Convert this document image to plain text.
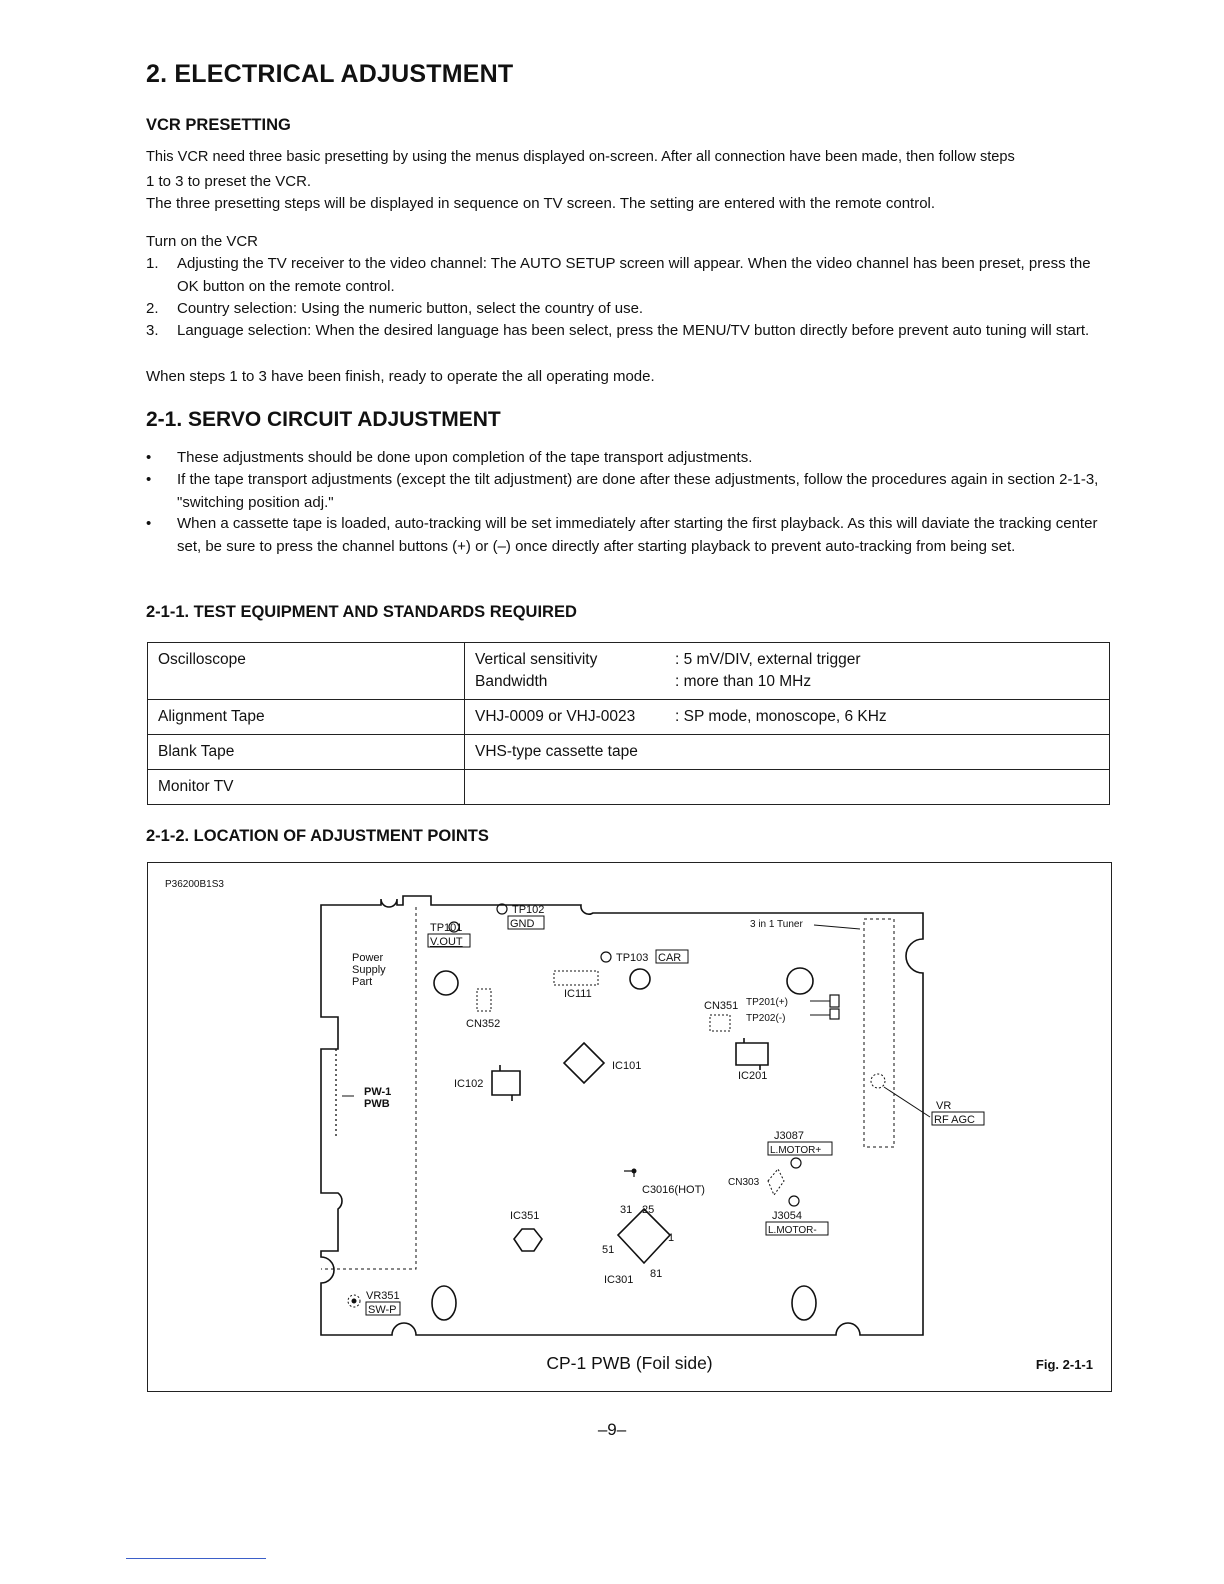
2. ELECTRICAL ADJUSTMENT
VCR PRESETTING

This VCR need three basic presetting by using the menus displayed on-screen. After all connection have been made, then follow steps

1 to 3 to preset the VCR.

The three presetting steps will be displayed in sequence on TV screen. The setting are entered with the remote control.

Turn on the VCR

1. Adjusting the TV receiver to the video channel: The AUTO SETUP screen will appear. When the video channel has been preset, press the OK button on the remote control.
2. Country selection: Using the numeric button, select the country of use.
3. Language selection: When the desired language has been select, press the MENU/TV button directly before prevent auto tuning will start.

When steps 1 to 3 have been finish, ready to operate the all operating mode.

2-1. SERVO CIRCUIT ADJUSTMENT
• These adjustments should be done upon completion of the tape transport adjustments.
• If the tape transport adjustments (except the tilt adjustment) are done after these adjustments, follow the procedures again in section 2-1-3, "switching position adj."
• When a cassette tape is loaded, auto-tracking will be set immediately after starting the first playback. As this will daviate the tracking center set, be sure to press the channel buttons (+) or (–) once directly after starting playback to prevent auto-tracking from being set.
2-1-1. TEST EQUIPMENT AND STANDARDS REQUIRED
Oscilloscope	Vertical sensitivity : 5 mV/DIV, external trigger
Bandwidth : more than 10 MHz

Alignment Tape	VHJ-0009 or VHJ-0023 : SP mode, monoscope, 6 KHz

Blank Tape	VHS-type cassette tape

Monitor TV	
2-1-2. LOCATION OF ADJUSTMENT POINTS
P36200B1S3
Power
Supply
Part
PW-1
PWB
TP101
V.OUT
TP102
GND
TP103 CAR
IC111
3 in 1 Tuner
CN351 TP201(+)
TP202(-)
CN352
IC101
IC102
IC201
VR
RF AGC
J3087
L.MOTOR+
C3016(HOT)
CN303
J3054
L.MOTOR-
IC351
IC301
31 25
51
1
81
VR351
SW-P
CP-1 PWB (Foil side)	Fig. 2-1-1
–9–
